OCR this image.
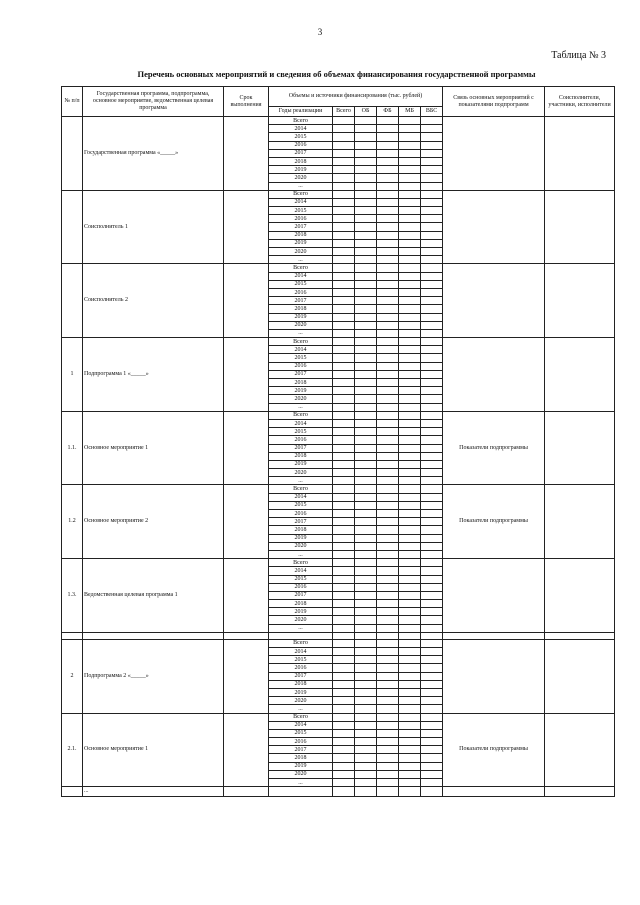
3
Таблица № 3
Перечень основных мероприятий и сведения об объемах финансирования государственной программы
№ п/п	Государственная программа, подпрограмма, основное мероприятие, ведомственная целевая программа	Срок выполнения	Объемы и источники финансирования (тыс. рублей)						Связь основных мероприятий с показателями подпрограмм	Соисполнители, участники, исполнители
			Годы реализации	Всего	ОБ	ФБ	МБ	ВБС		
	Государственная программа «_____»		Всего							
			2014							
			2015							
			2016							
			2017							
			2018							
			2019							
			2020							
			...							
	Соисполнитель 1		Всего							
			2014							
			2015							
			2016							
			2017							
			2018							
			2019							
			2020							
			...							
	Соисполнитель 2		Всего							
			2014							
			2015							
			2016							
			2017							
			2018							
			2019							
			2020							
			...							
1	Подпрограмма 1 «_____»		Всего							
			2014							
			2015							
			2016							
			2017							
			2018							
			2019							
			2020							
			...							
1.1.	Основное мероприятие 1		Всего						Показатели подпрограммы	
			2014							
			2015							
			2016							
			2017							
			2018							
			2019							
			2020							
			...							
1.2	Основное мероприятие 2		Всего						Показатели подпрограммы	
			2014							
			2015							
			2016							
			2017							
			2018							
			2019							
			2020							
			...							
1.3.	Ведомственная целевая программа 1		Всего							
			2014							
			2015							
			2016							
			2017							
			2018							
			2019							
			2020							
			...							

2	Подпрограмма 2 «_____»		Всего							
			2014							
			2015							
			2016							
			2017							
			2018							
			2019							
			2020							
			...							
2.1.	Основное мероприятие 1		Всего						Показатели подпрограммы	
			2014							
			2015							
			2016							
			2017							
			2018							
			2019							
			2020							
			...							
	...									
